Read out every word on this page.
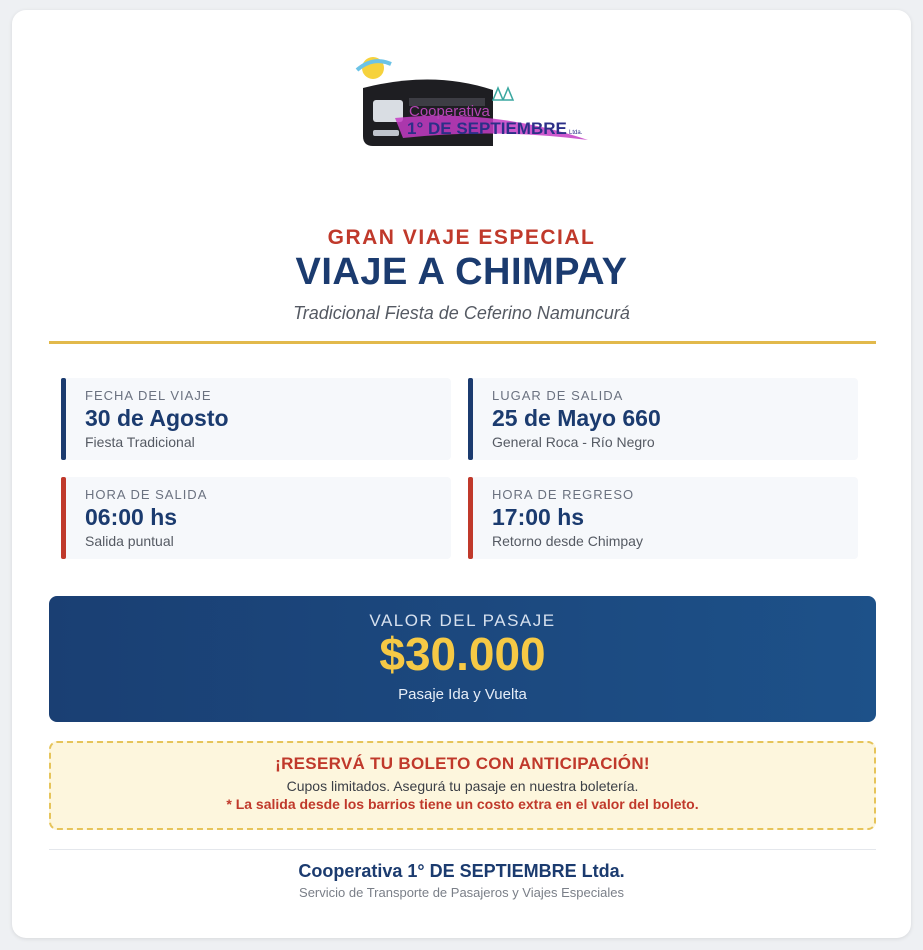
Cooperativa
1° DE SEPTIEMBRE Ltda.
GRAN VIAJE ESPECIAL
VIAJE A CHIMPAY
Tradicional Fiesta de Ceferino Namuncurá
FECHA DEL VIAJE
30 de Agosto
Fiesta Tradicional
LUGAR DE SALIDA
25 de Mayo 660
General Roca - Río Negro
HORA DE SALIDA
06:00 hs
Salida puntual
HORA DE REGRESO
17:00 hs
Retorno desde Chimpay
VALOR DEL PASAJE
$30.000
Pasaje Ida y Vuelta
¡RESERVÁ TU BOLETO CON ANTICIPACIÓN!
Cupos limitados. Asegurá tu pasaje en nuestra boletería.
* La salida desde los barrios tiene un costo extra en el valor del boleto.
Cooperativa 1° DE SEPTIEMBRE Ltda.
Servicio de Transporte de Pasajeros y Viajes Especiales
